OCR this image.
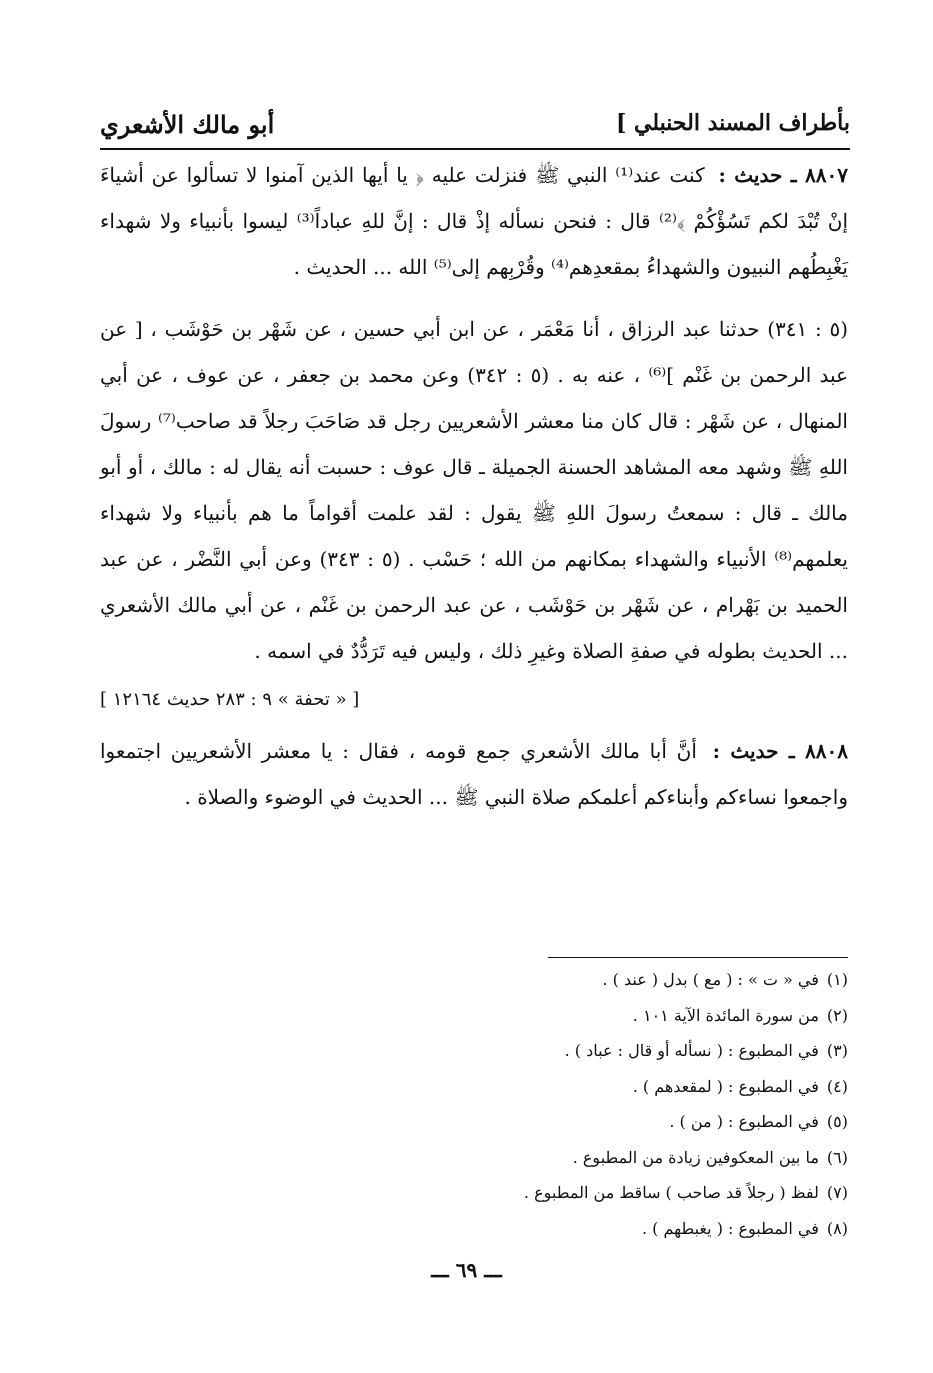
بأطراف المسند الحنبلي ]
أبو مالك الأشعري

٨٨٠٧ ـ حديث : كنت عند⁽¹⁾ النبي ﷺ فنزلت عليه ﴿ يا أيها الذين آمنوا لا تسألوا عن أشياءَ إنْ تُبْدَ لكم تَسُؤْكُمْ ﴾⁽²⁾ قال : فنحن نسأله إذْ قال : إنَّ للهِ عباداً⁽³⁾ ليسوا بأنبياء ولا شهداء يَغْبِطُهم النبيون والشهداءُ بمقعدِهم⁽⁴⁾ وقُرْبِهم إلى⁽⁵⁾ الله ... الحديث .

(٥ : ٣٤١) حدثنا عبد الرزاق ، أنا مَعْمَر ، عن ابن أبي حسين ، عن شَهْر بن حَوْشَب ، [ عن عبد الرحمن بن غَنْم ]⁽⁶⁾ ، عنه به . (٥ : ٣٤٢) وعن محمد بن جعفر ، عن عوف ، عن أبي المنهال ، عن شَهْر : قال كان منا معشر الأشعريين رجل قد صَاحَبَ رجلاً قد صاحب⁽⁷⁾ رسولَ اللهِ ﷺ وشهد معه المشاهد الحسنة الجميلة ـ قال عوف : حسبت أنه يقال له : مالك ، أو أبو مالك ـ قال : سمعتُ رسولَ اللهِ ﷺ يقول : لقد علمت أقواماً ما هم بأنبياء ولا شهداء يعلمهم⁽⁸⁾ الأنبياء والشهداء بمكانهم من الله ؛ حَسْب . (٥ : ٣٤٣) وعن أبي النَّضْر ، عن عبد الحميد بن بَهْرام ، عن شَهْر بن حَوْشَب ، عن عبد الرحمن بن غَنْم ، عن أبي مالك الأشعري ... الحديث بطوله في صفةِ الصلاة وغيرِ ذلك ، وليس فيه تَرَدُّدٌ في اسمه .

[ « تحفة » ٩ : ٢٨٣ حديث ١٢١٦٤ ]

٨٨٠٨ ـ حديث : أنَّ أبا مالك الأشعري جمع قومه ، فقال : يا معشر الأشعريين اجتمعوا واجمعوا نساءكم وأبناءكم أعلمكم صلاة النبي ﷺ ... الحديث في الوضوء والصلاة .

(١)في « ت » : ( مع ) بدل ( عند ) .

(٢)من سورة المائدة الآية ١٠١ .

(٣)في المطبوع : ( نسأله أو قال : عباد ) .

(٤)في المطبوع : ( لمقعدهم ) .

(٥)في المطبوع : ( من ) .

(٦)ما بين المعكوفين زيادة من المطبوع .

(٧)لفظ ( رجلاً قد صاحب ) ساقط من المطبوع .

(٨)في المطبوع : ( يغبطهم ) .

ـــ ٦٩ ـــ
